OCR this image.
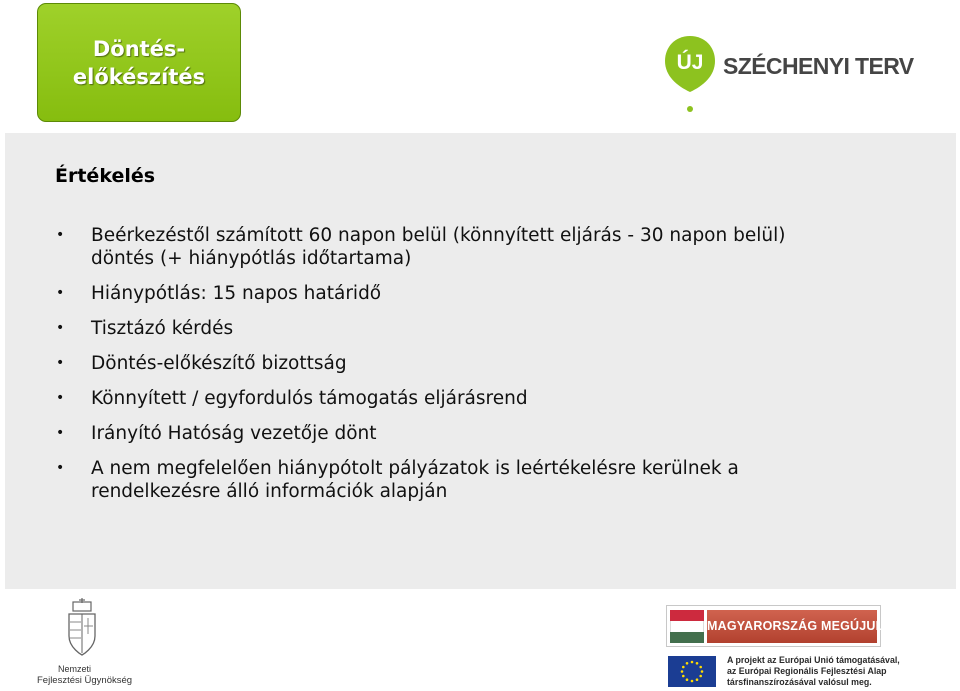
Döntés-
előkészítés
ÚJ SZÉCHENYI TERV
Értékelés
• Beérkezéstől számított 60 napon belül (könnyített eljárás - 30 napon belül)
döntés (+ hiánypótlás időtartama)
• Hiánypótlás: 15 napos határidő
• Tisztázó kérdés
• Döntés-előkészítő bizottság
• Könnyített / egyfordulós támogatás eljárásrend
• Irányító Hatóság vezetője dönt
• A nem megfelelően hiánypótolt pályázatok is leértékelésre kerülnek a
rendelkezésre álló információk alapján
Nemzeti
Fejlesztési Ügynökség
MAGYARORSZÁG MEGÚJUL
A projekt az Európai Unió támogatásával,
az Európai Regionális Fejlesztési Alap
társfinanszírozásával valósul meg.
